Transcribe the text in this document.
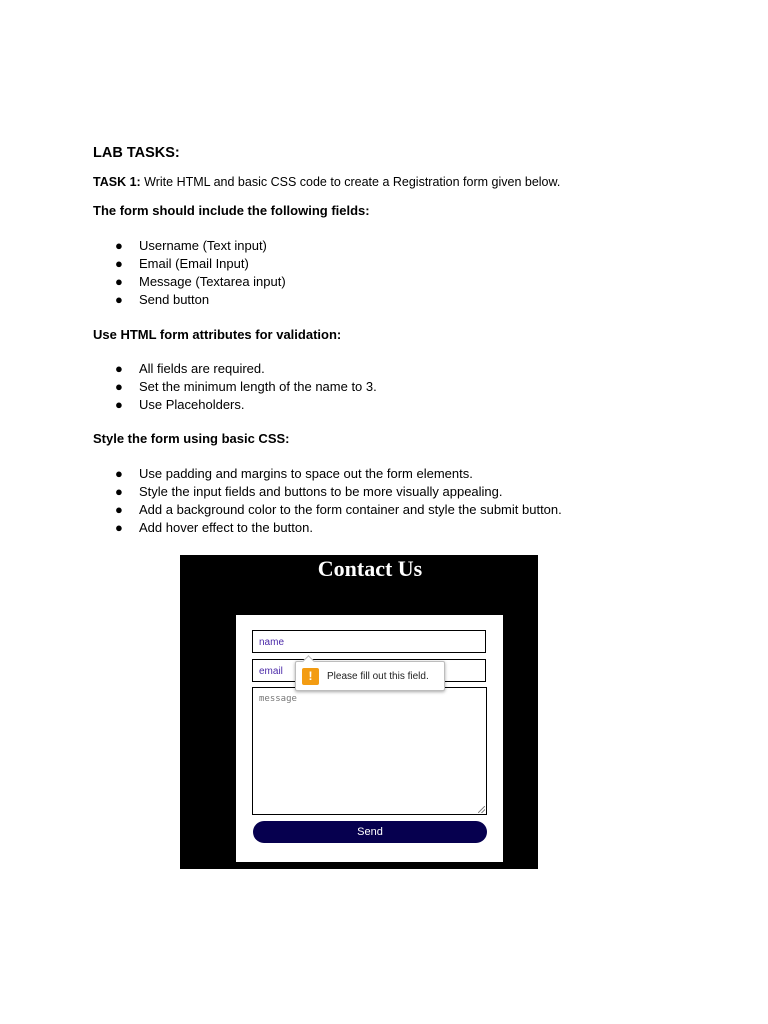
LAB TASKS:
TASK 1: Write HTML and basic CSS code to create a Registration form given below.
The form should include the following fields:
● Username (Text input)
● Email (Email Input)
● Message (Textarea input)
● Send button
Use HTML form attributes for validation:
● All fields are required.
● Set the minimum length of the name to 3.
● Use Placeholders.
Style the form using basic CSS:
● Use padding and margins to space out the form elements.
● Style the input fields and buttons to be more visually appealing.
● Add a background color to the form container and style the submit button.
● Add hover effect to the button.
Contact Us
name
email
message
Send
!	Please fill out this field.
